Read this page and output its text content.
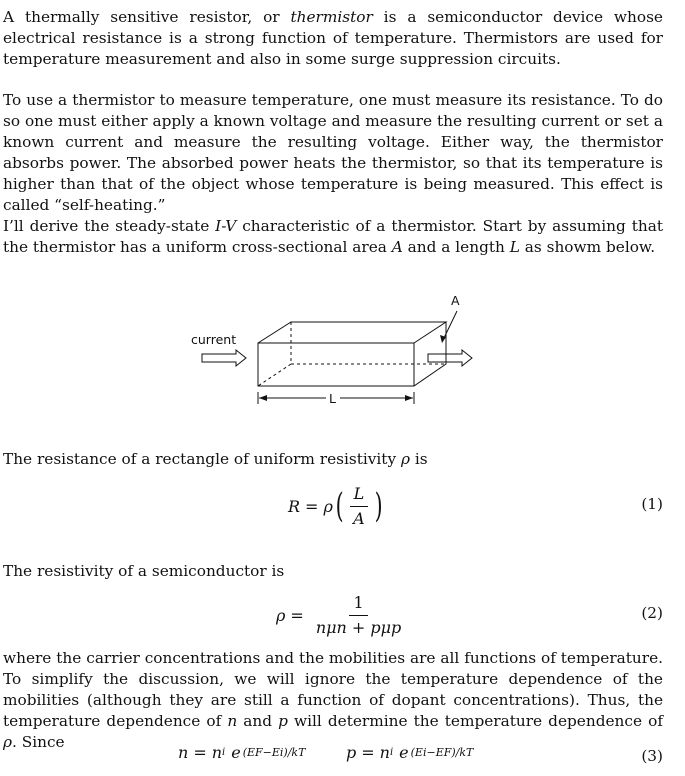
A thermally sensitive resistor, or thermistor is a semiconductor device whose electrical resistance is a strong function of temperature. Thermistors are used for temperature measurement and also in some surge suppression circuits.

To use a thermistor to measure temperature, one must measure its resistance. To do so one must either apply a known voltage and measure the resulting current or set a known current and measure the resulting voltage. Either way, the thermistor absorbs power. The absorbed power heats the thermistor, so that its temperature is higher than that of the object whose temperature is being measured. This effect is called “self-heating.”

I’ll derive the steady-state I-V characteristic of a thermistor. Start by assuming that the thermistor has a uniform cross-sectional area A and a length L as showm below.

current
A
L

The resistance of a rectangle of uniform resistivity ρ is

R = ρ ( $\frac{L}{A}$ )	(1)

The resistivity of a semiconductor is

$\rho = \frac{1}{\text{nμn + pμp}}$	(2)

where the carrier concentrations and the mobilities are all functions of temperature. To simplify the discussion, we will ignore the temperature dependence of the mobilities (although they are still a function of dopant concentrations). Thus, the temperature dependence of n and p will determine the temperature dependence of ρ. Since

n = n i e (EF−Ei)/kT	p = n i e (Ei−EF)/kT	(3)
